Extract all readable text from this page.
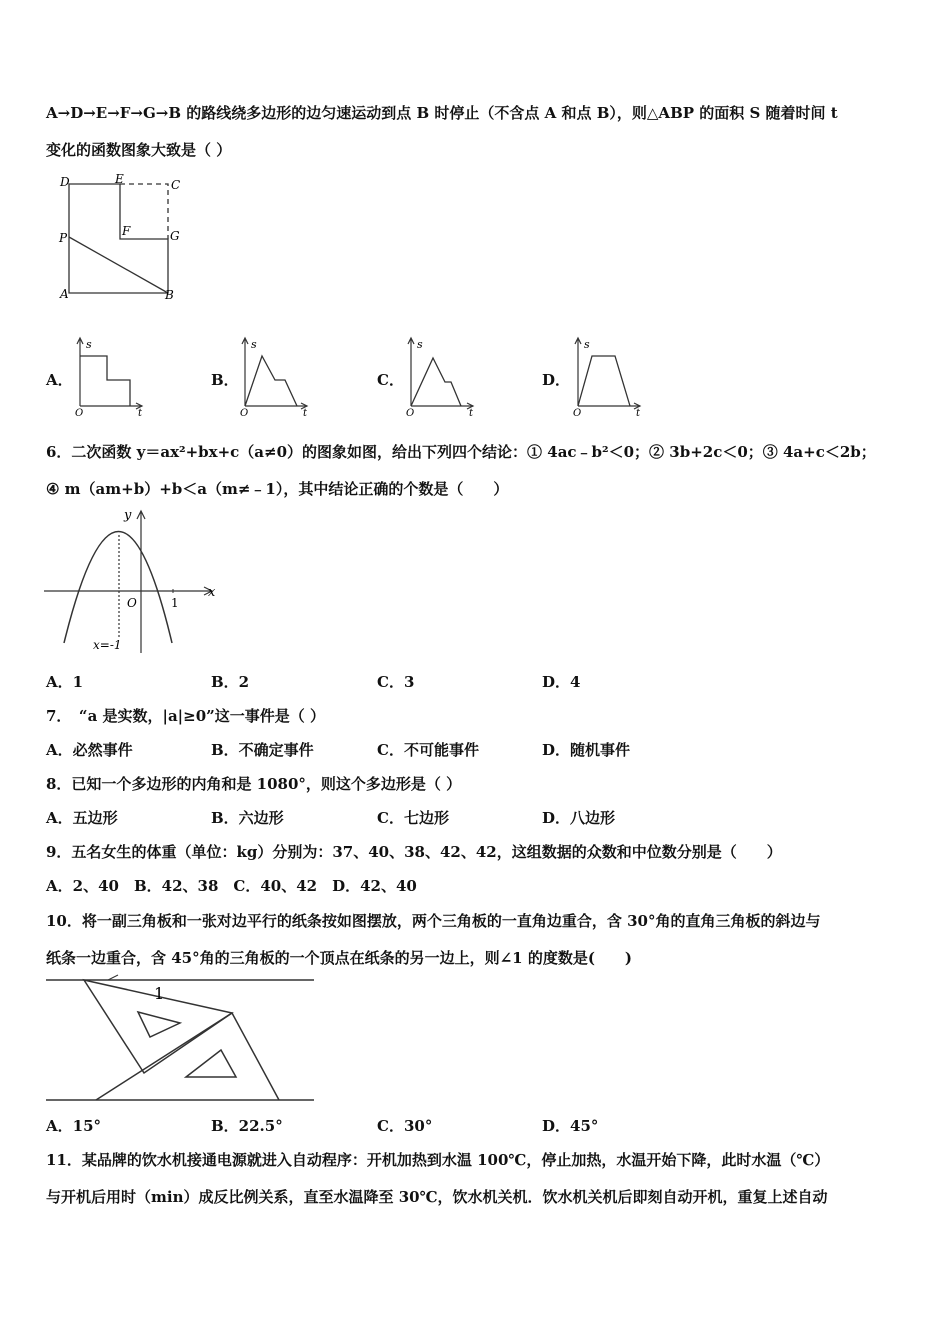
A→D→E→F→G→B 的路线绕多边形的边匀速运动到点 B 时停止（不含点 A 和点 B），则△ABP 的面积 S 随着时间 t
变化的函数图象大致是（ ）
D	E	C
P	F	G
A	B
A．	B．	C．	D．
s
O	t
s
O	t
s
O	t
s
O	t
6．二次函数 y＝ax²+bx+c（a≠0）的图象如图，给出下列四个结论：① 4ac﹣b²＜0；② 3b+2c＜0；③ 4a+c＜2b；
④ m（am+b）+b＜a（m≠﹣1），其中结论正确的个数是（　　）
y
x
O	1
x=-1
A．1	B．2	C．3	D．4
7．　“a 是实数，|a|≥0”这一事件是（ ）
A．必然事件	B．不确定事件	C．不可能事件	D．随机事件
8．已知一个多边形的内角和是 1080°，则这个多边形是（ ）
A．五边形	B．六边形	C．七边形	D．八边形
9．五名女生的体重（单位：kg）分别为：37、40、38、42、42，这组数据的众数和中位数分别是（　　）
A．2、40　B．42、38　C．40、42　D．42、40
10．将一副三角板和一张对边平行的纸条按如图摆放，两个三角板的一直角边重合，含 30°角的直角三角板的斜边与
纸条一边重合，含 45°角的三角板的一个顶点在纸条的另一边上，则∠1 的度数是(　　)
1
A．15°	B．22.5°	C．30°	D．45°
11．某品牌的饮水机接通电源就进入自动程序：开机加热到水温 100℃，停止加热，水温开始下降，此时水温（℃）
与开机后用时（min）成反比例关系，直至水温降至 30℃，饮水机关机．饮水机关机后即刻自动开机，重复上述自动
